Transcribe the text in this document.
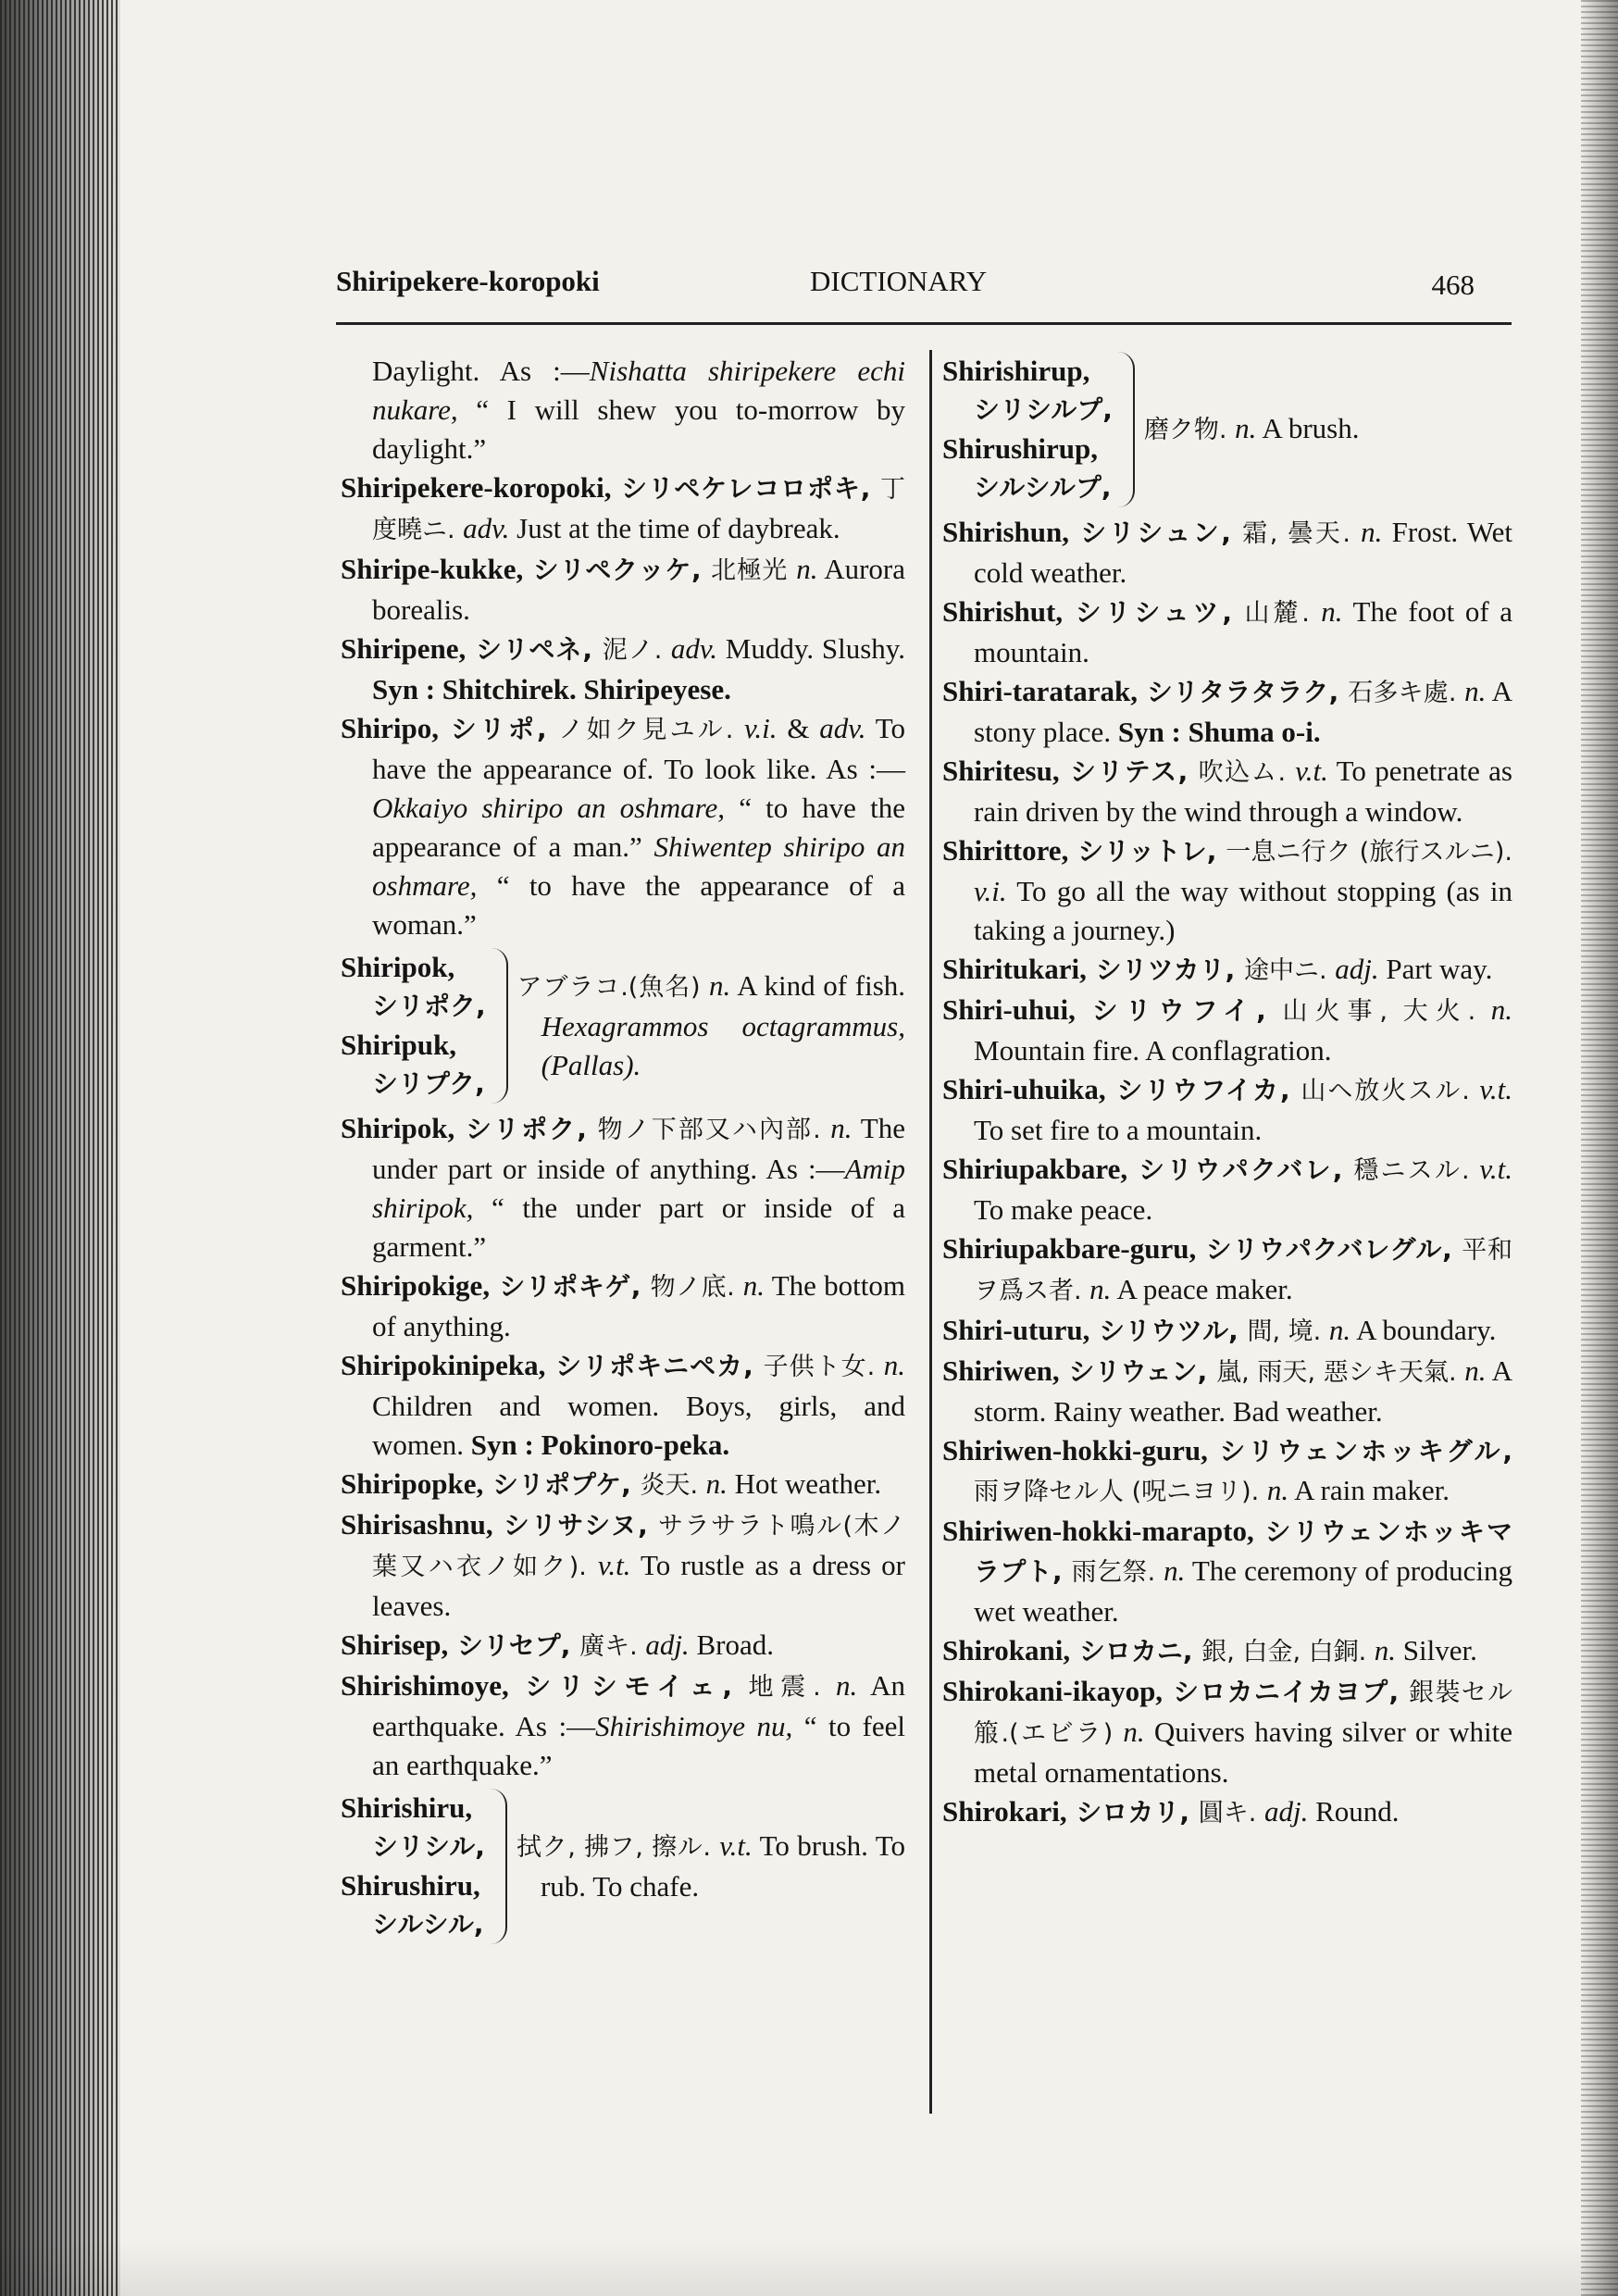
Shiripekere-koropoki	DICTIONARY	468
Daylight. As :—Nishatta shiripekere echi nukare, “ I will shew you to-morrow by daylight.”
Shiripekere-koropoki, シリペケレコロポキ, 丁度曉ニ. adv. Just at the time of daybreak.
Shiripe-kukke, シリペクッケ, 北極光 n. Aurora borealis.
Shiripene, シリペネ, 泥ノ. adv. Muddy. Slushy. Syn : Shitchirek. Shiripeyese.
Shiripo, シリポ, ノ如ク見ユル. v.i. & adv. To have the appearance of. To look like. As :—Okkaiyo shiripo an oshmare, “ to have the appearance of a man.” Shiwentep shiripo an oshmare, “ to have the appearance of a woman.”
Shiripok,
シリポク,
Shiripuk,
シリプク,
アブラコ.(魚名) n. A kind of fish. Hexagrammos octagrammus, (Pallas).
Shiripok, シリポク, 物ノ下部又ハ內部. n. The under part or inside of anything. As :—Amip shiripok, “ the under part or inside of a garment.”
Shiripokige, シリポキゲ, 物ノ底. n. The bottom of anything.
Shiripokinipeka, シリポキニペカ, 子供ト女. n. Children and women. Boys, girls, and women. Syn : Pokinoro-peka.
Shiripopke, シリポプケ, 炎天. n. Hot weather.
Shirisashnu, シリサシヌ, サラサラト鳴ル(木ノ葉又ハ衣ノ如ク). v.t. To rustle as a dress or leaves.
Shirisep, シリセプ, 廣キ. adj. Broad.
Shirishimoye, シリシモイェ, 地震. n. An earthquake. As :—Shirishimoye nu, “ to feel an earthquake.”
Shirishiru,
シリシル,
Shirushiru,
シルシル,
拭ク, 拂フ, 擦ル. v.t. To brush. To rub. To chafe.
Shirishirup,
シリシルプ,
Shirushirup,
シルシルプ,
磨ク物. n. A brush.
Shirishun, シリシュン, 霜, 曇天. n. Frost. Wet cold weather.
Shirishut, シリシュツ, 山麓. n. The foot of a mountain.
Shiri-taratarak, シリタラタラク, 石多キ處. n. A stony place. Syn : Shuma o-i.
Shiritesu, シリテス, 吹込ム. v.t. To penetrate as rain driven by the wind through a window.
Shirittore, シリットレ, 一息ニ行ク (旅行スルニ). v.i. To go all the way without stopping (as in taking a journey.)
Shiritukari, シリツカリ, 途中ニ. adj. Part way.
Shiri-uhui, シリウフイ, 山火事, 大火. n. Mountain fire. A conflagration.
Shiri-uhuika, シリウフイカ, 山ヘ放火スル. v.t. To set fire to a mountain.
Shiriupakbare, シリウパクバレ, 穩ニスル. v.t. To make peace.
Shiriupakbare-guru, シリウパクバレグル, 平和ヲ爲ス者. n. A peace maker.
Shiri-uturu, シリウツル, 間, 境. n. A boundary.
Shiriwen, シリウェン, 嵐, 雨天, 惡シキ天氣. n. A storm. Rainy weather. Bad weather.
Shiriwen-hokki-guru, シリウェンホッキグル, 雨ヲ降セル人 (呪ニヨリ). n. A rain maker.
Shiriwen-hokki-marapto, シリウェンホッキマラプト, 雨乞祭. n. The ceremony of producing wet weather.
Shirokani, シロカニ, 銀, 白金, 白銅. n. Silver.
Shirokani-ikayop, シロカニイカヨプ, 銀裝セル箙.(エビラ) n. Quivers having silver or white metal ornamentations.
Shirokari, シロカリ, 圓キ. adj. Round.
